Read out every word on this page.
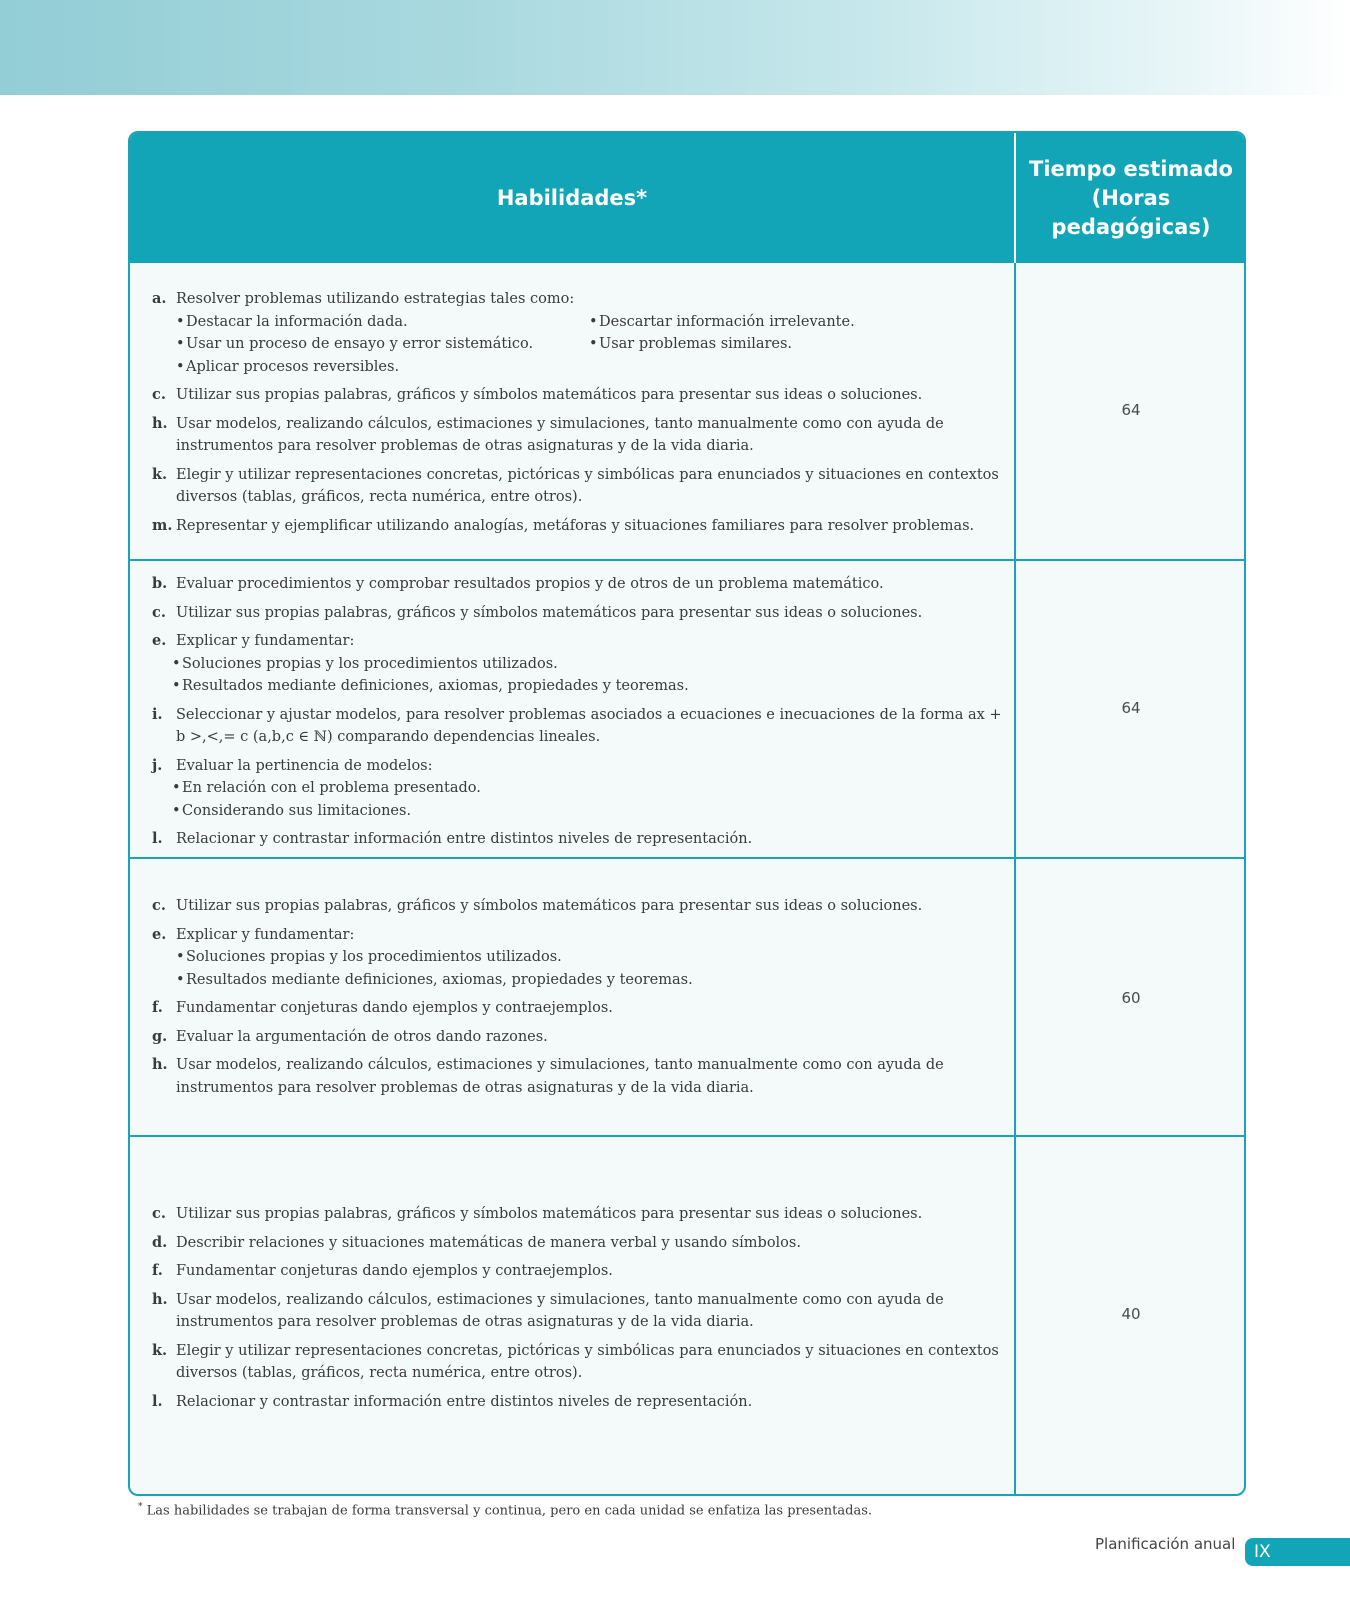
Habilidades*
Tiempo estimado
(Horas
pedagógicas)
a. Resolver problemas utilizando estrategias tales como:
• Destacar la información dada.
• Usar un proceso de ensayo y error sistemático.
• Aplicar procesos reversibles.
• Descartar información irrelevante.
• Usar problemas similares.
c. Utilizar sus propias palabras, gráficos y símbolos matemáticos para presentar sus ideas o soluciones.
h. Usar modelos, realizando cálculos, estimaciones y simulaciones, tanto manualmente como con ayuda de instrumentos para resolver problemas de otras asignaturas y de la vida diaria.
k. Elegir y utilizar representaciones concretas, pictóricas y simbólicas para enunciados y situaciones en contextos diversos (tablas, gráficos, recta numérica, entre otros).
m. Representar y ejemplificar utilizando analogías, metáforas y situaciones familiares para resolver problemas.
64
b. Evaluar procedimientos y comprobar resultados propios y de otros de un problema matemático.
c. Utilizar sus propias palabras, gráficos y símbolos matemáticos para presentar sus ideas o soluciones.
e. Explicar y fundamentar:
• Soluciones propias y los procedimientos utilizados.
• Resultados mediante definiciones, axiomas, propiedades y teoremas.
i. Seleccionar y ajustar modelos, para resolver problemas asociados a ecuaciones e inecuaciones de la forma ax + b >,<,= c (a,b,c ∈ ℕ) comparando dependencias lineales.
j. Evaluar la pertinencia de modelos:
• En relación con el problema presentado.
• Considerando sus limitaciones.
l. Relacionar y contrastar información entre distintos niveles de representación.
64
c. Utilizar sus propias palabras, gráficos y símbolos matemáticos para presentar sus ideas o soluciones.
e. Explicar y fundamentar:
• Soluciones propias y los procedimientos utilizados.
• Resultados mediante definiciones, axiomas, propiedades y teoremas.
f. Fundamentar conjeturas dando ejemplos y contraejemplos.
g. Evaluar la argumentación de otros dando razones.
h. Usar modelos, realizando cálculos, estimaciones y simulaciones, tanto manualmente como con ayuda de instrumentos para resolver problemas de otras asignaturas y de la vida diaria.
60
c. Utilizar sus propias palabras, gráficos y símbolos matemáticos para presentar sus ideas o soluciones.
d. Describir relaciones y situaciones matemáticas de manera verbal y usando símbolos.
f. Fundamentar conjeturas dando ejemplos y contraejemplos.
h. Usar modelos, realizando cálculos, estimaciones y simulaciones, tanto manualmente como con ayuda de instrumentos para resolver problemas de otras asignaturas y de la vida diaria.
k. Elegir y utilizar representaciones concretas, pictóricas y simbólicas para enunciados y situaciones en contextos diversos (tablas, gráficos, recta numérica, entre otros).
l. Relacionar y contrastar información entre distintos niveles de representación.
40
* Las habilidades se trabajan de forma transversal y continua, pero en cada unidad se enfatiza las presentadas.
Planificación anual IX
